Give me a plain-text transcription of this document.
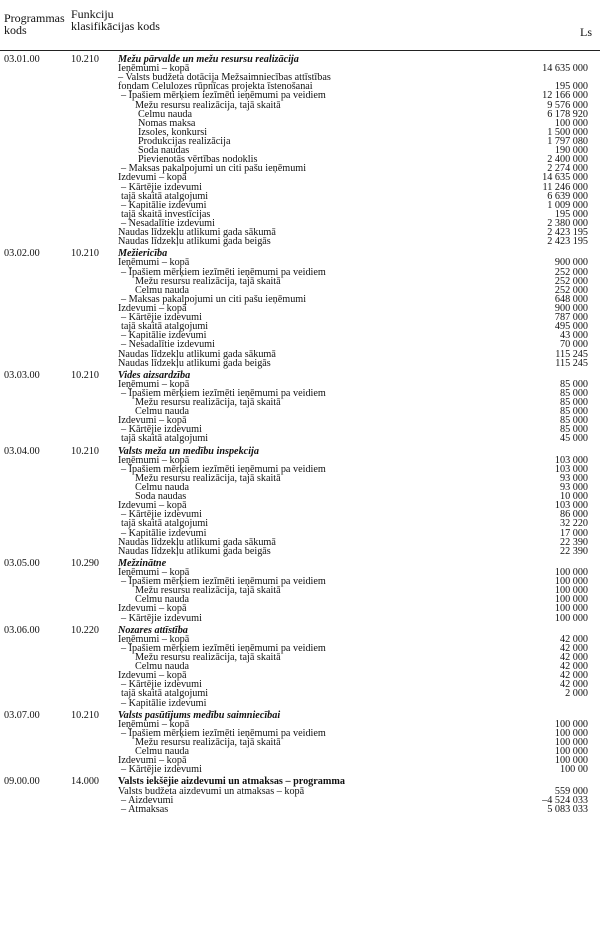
Programmas kods
Funkciju klasifikācijas kods	Ls
03.01.00	10.210 Mežu pārvalde un mežu resursu realizācija
Ieņēmumi – kopā	14 635 000
– Valsts budžeta dotācija Mežsaimniecības attīstības
fondam Celulozes rūpnīcas projekta īstenošanai	195 000
– Īpašiem mērķiem iezīmēti ieņēmumi pa veidiem	12 166 000
Mežu resursu realizācija, tajā skaitā	9 576 000
Celmu nauda	6 178 920
Nomas maksa	100 000
Izsoles, konkursi	1 500 000
Produkcijas realizācija	1 797 080
Soda naudas	190 000
Pievienotās vērtības nodoklis	2 400 000
– Maksas pakalpojumi un citi pašu ieņēmumi	2 274 000
Izdevumi – kopā	14 635 000
– Kārtējie izdevumi	11 246 000
tajā skaitā atalgojumi	6 639 000
– Kapitālie izdevumi	1 009 000
tajā skaitā investīcijas	195 000
– Nesadalītie izdevumi	2 380 000
Naudas līdzekļu atlikumi gada sākumā	2 423 195
Naudas līdzekļu atlikumi gada beigās	2 423 195
03.02.00	10.210 Mežiericība
Ieņēmumi – kopā	900 000
– Īpašiem mērķiem iezīmēti ieņēmumi pa veidiem	252 000
Mežu resursu realizācija, tajā skaitā	252 000
Celmu nauda	252 000
– Maksas pakalpojumi un citi pašu ieņēmumi	648 000
Izdevumi – kopā	900 000
– Kārtējie izdevumi	787 000
tajā skaitā atalgojumi	495 000
– Kapitālie izdevumi	43 000
– Nesadalītie izdevumi	70 000
Naudas līdzekļu atlikumi gada sākumā	115 245
Naudas līdzekļu atlikumi gada beigās	115 245
03.03.00	10.210 Vides aizsardzība
Ieņēmumi – kopā	85 000
– Īpašiem mērķiem iezīmēti ieņēmumi pa veidiem	85 000
Mežu resursu realizācija, tajā skaitā	85 000
Celmu nauda	85 000
Izdevumi – kopā	85 000
– Kārtējie izdevumi	85 000
tajā skaitā atalgojumi	45 000
03.04.00	10.210 Valsts meža un medību inspekcija
Ieņēmumi – kopā	103 000
– Īpašiem mērķiem iezīmēti ieņēmumi pa veidiem	103 000
Mežu resursu realizācija, tajā skaitā	93 000
Celmu nauda	93 000
Soda naudas	10 000
Izdevumi – kopā	103 000
– Kārtējie izdevumi	86 000
tajā skaitā atalgojumi	32 220
– Kapitālie izdevumi	17 000
Naudas līdzekļu atlikumi gada sākumā	22 390
Naudas līdzekļu atlikumi gada beigās	22 390
03.05.00	10.290 Mežzinātne
Ieņēmumi – kopā	100 000
– Īpašiem mērķiem iezīmēti ieņēmumi pa veidiem	100 000
Mežu resursu realizācija, tajā skaitā	100 000
Celmu nauda	100 000
Izdevumi – kopā	100 000
– Kārtējie izdevumi	100 000
03.06.00	10.220 Nozares attīstība
Ieņēmumi – kopā	42 000
– Īpašiem mērķiem iezīmēti ieņēmumi pa veidiem	42 000
Mežu resursu realizācija, tajā skaitā	42 000
Celmu nauda	42 000
Izdevumi – kopā	42 000
– Kārtējie izdevumi	42 000
tajā skaitā atalgojumi	2 000
– Kapitālie izdevumi
03.07.00	10.210 Valsts pasūtījums medību saimniecībai
Ieņēmumi – kopā	100 000
– Īpašiem mērķiem iezīmēti ieņēmumi pa veidiem	100 000
Mežu resursu realizācija, tajā skaitā	100 000
Celmu nauda	100 000
Izdevumi – kopā	100 000
– Kārtējie izdevumi	100 00
09.00.00	14.000 Valsts iekšējie aizdevumi un atmaksas – programma
Valsts budžeta aizdevumi un atmaksas – kopā	559 000
– Aizdevumi	–4 524 033
– Atmaksas	5 083 033
